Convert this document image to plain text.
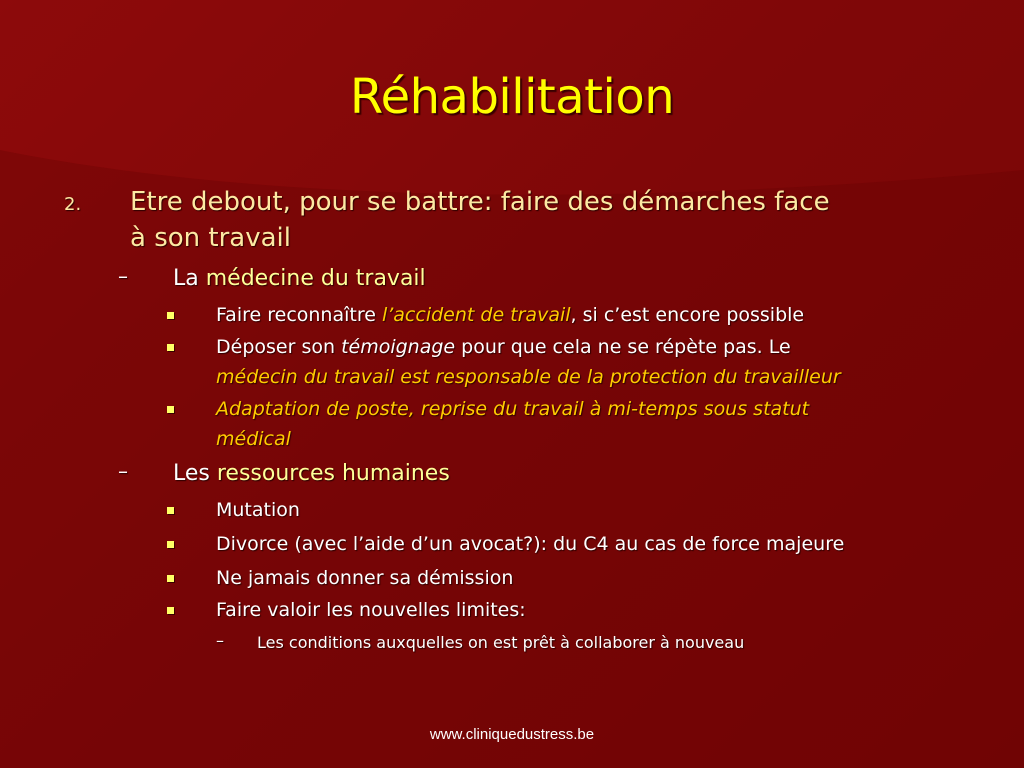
Réhabilitation
2. Etre debout, pour se battre: faire des démarches face
à son travail
– La médecine du travail
Faire reconnaître l’accident de travail, si c’est encore possible
Déposer son témoignage pour que cela ne se répète pas. Le
médecin du travail est responsable de la protection du travailleur
Adaptation de poste, reprise du travail à mi-temps sous statut
médical
– Les ressources humaines
Mutation
Divorce (avec l’aide d’un avocat?): du C4 au cas de force majeure
Ne jamais donner sa démission
Faire valoir les nouvelles limites:
– Les conditions auxquelles on est prêt à collaborer à nouveau
www.cliniquedustress.be
